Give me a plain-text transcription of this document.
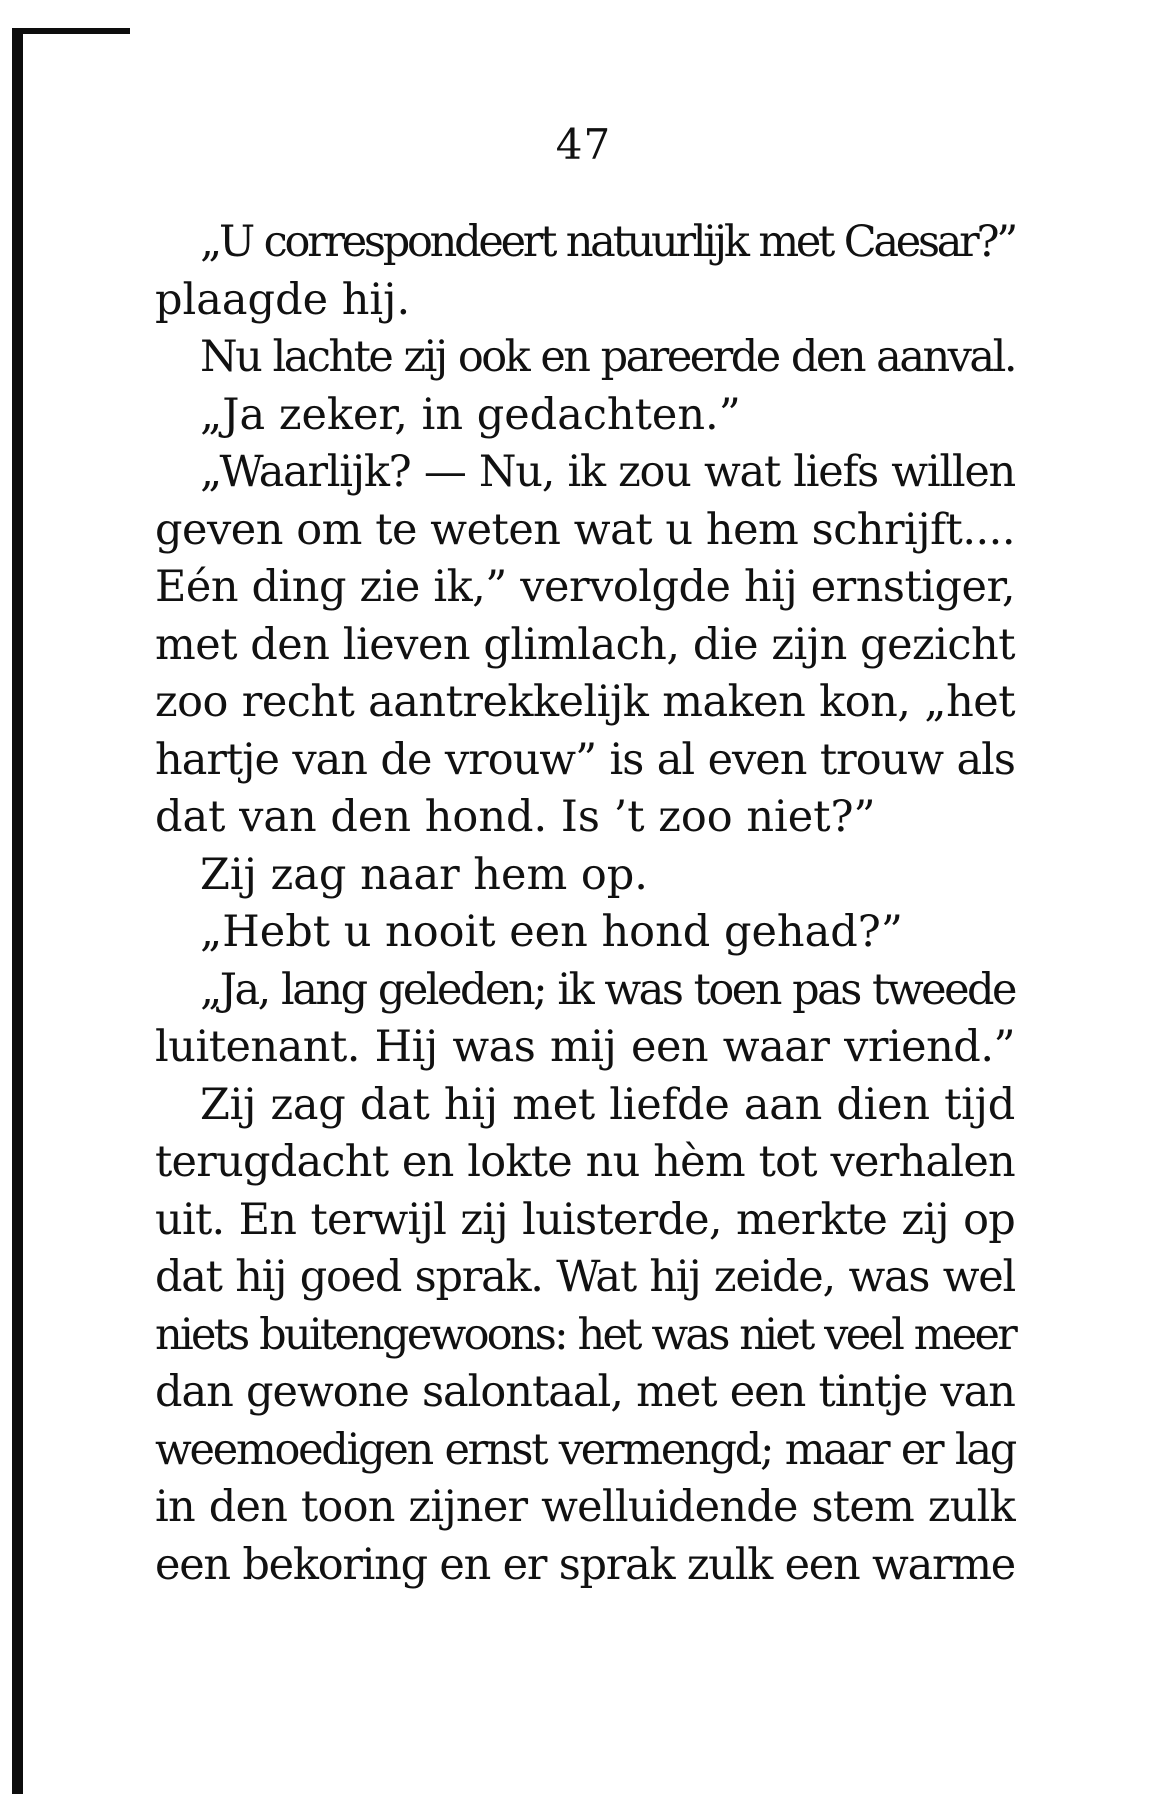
47
„U correspondeert natuurlijk met Caesar?”
plaagde hij.
Nu lachte zij ook en pareerde den aanval.
„Ja zeker, in gedachten.”
„Waarlijk? — Nu, ik zou wat liefs willen
geven om te weten wat u hem schrijft....
Eén ding zie ik,” vervolgde hij ernstiger,
met den lieven glimlach, die zijn gezicht
zoo recht aantrekkelijk maken kon, „het
hartje van de vrouw” is al even trouw als
dat van den hond. Is ’t zoo niet?”
Zij zag naar hem op.
„Hebt u nooit een hond gehad?”
„Ja, lang geleden; ik was toen pas tweede
luitenant. Hij was mij een waar vriend.”
Zij zag dat hij met liefde aan dien tijd
terugdacht en lokte nu hèm tot verhalen
uit. En terwijl zij luisterde, merkte zij op
dat hij goed sprak. Wat hij zeide, was wel
niets buitengewoons: het was niet veel meer
dan gewone salontaal, met een tintje van
weemoedigen ernst vermengd; maar er lag
in den toon zijner welluidende stem zulk
een bekoring en er sprak zulk een warme
